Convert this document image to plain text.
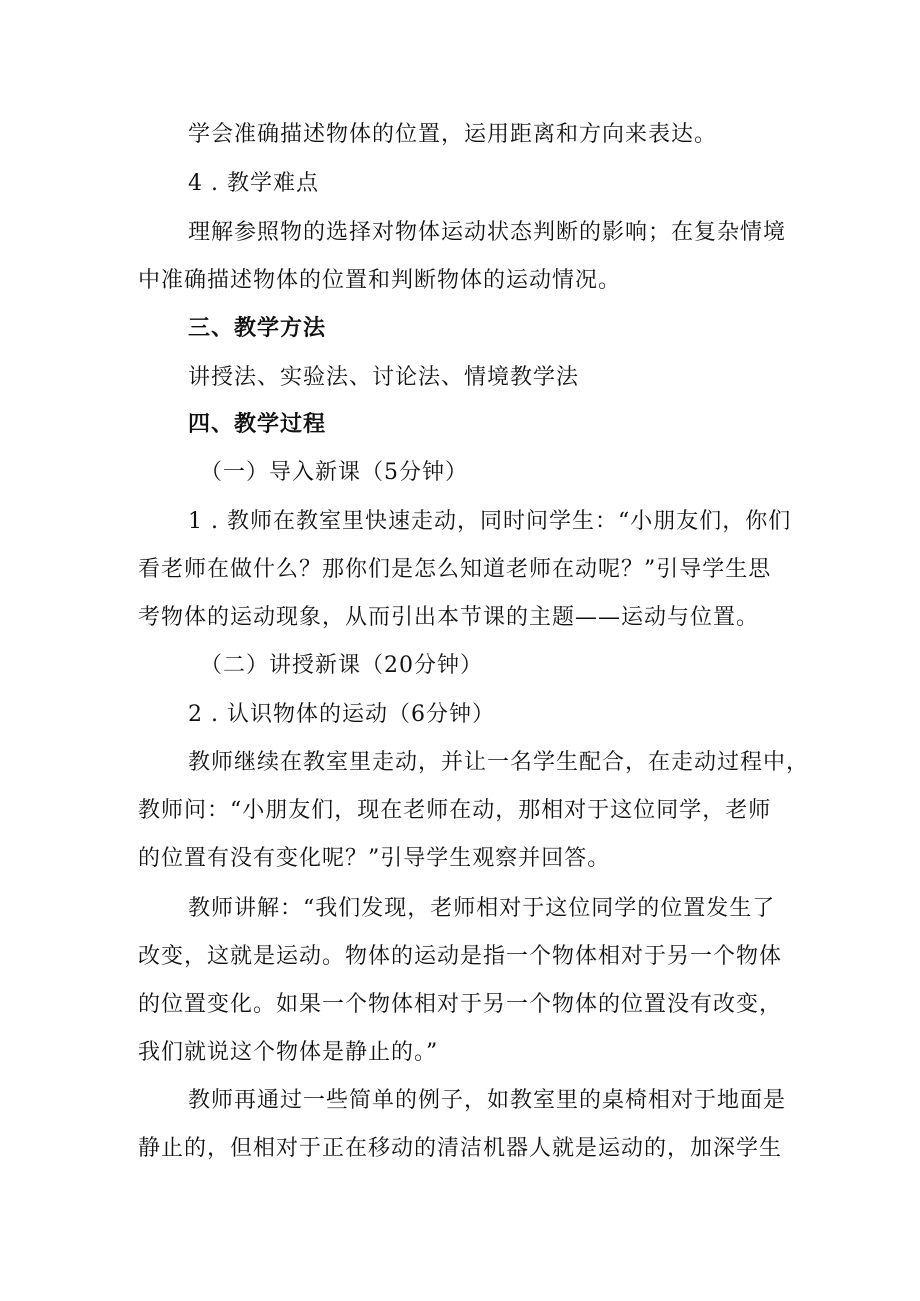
学会准确描述物体的位置，运用距离和方向来表达。
4 . 教学难点
理解参照物的选择对物体运动状态判断的影响；在复杂情境
中准确描述物体的位置和判断物体的运动情况。
三、教学方法
讲授法、实验法、讨论法、情境教学法
四、教学过程
（一）导入新课（5分钟）
1 . 教师在教室里快速走动，同时问学生：“小朋友们，你们
看老师在做什么？那你们是怎么知道老师在动呢？”引导学生思
考物体的运动现象，从而引出本节课的主题——运动与位置。
（二）讲授新课（20分钟）
2 . 认识物体的运动（6分钟）
教师继续在教室里走动，并让一名学生配合，在走动过程中，
教师问：“小朋友们，现在老师在动，那相对于这位同学，老师
的位置有没有变化呢？”引导学生观察并回答。
教师讲解：“我们发现，老师相对于这位同学的位置发生了
改变，这就是运动。物体的运动是指一个物体相对于另一个物体
的位置变化。如果一个物体相对于另一个物体的位置没有改变，
我们就说这个物体是静止的。”
教师再通过一些简单的例子，如教室里的桌椅相对于地面是
静止的，但相对于正在移动的清洁机器人就是运动的，加深学生
